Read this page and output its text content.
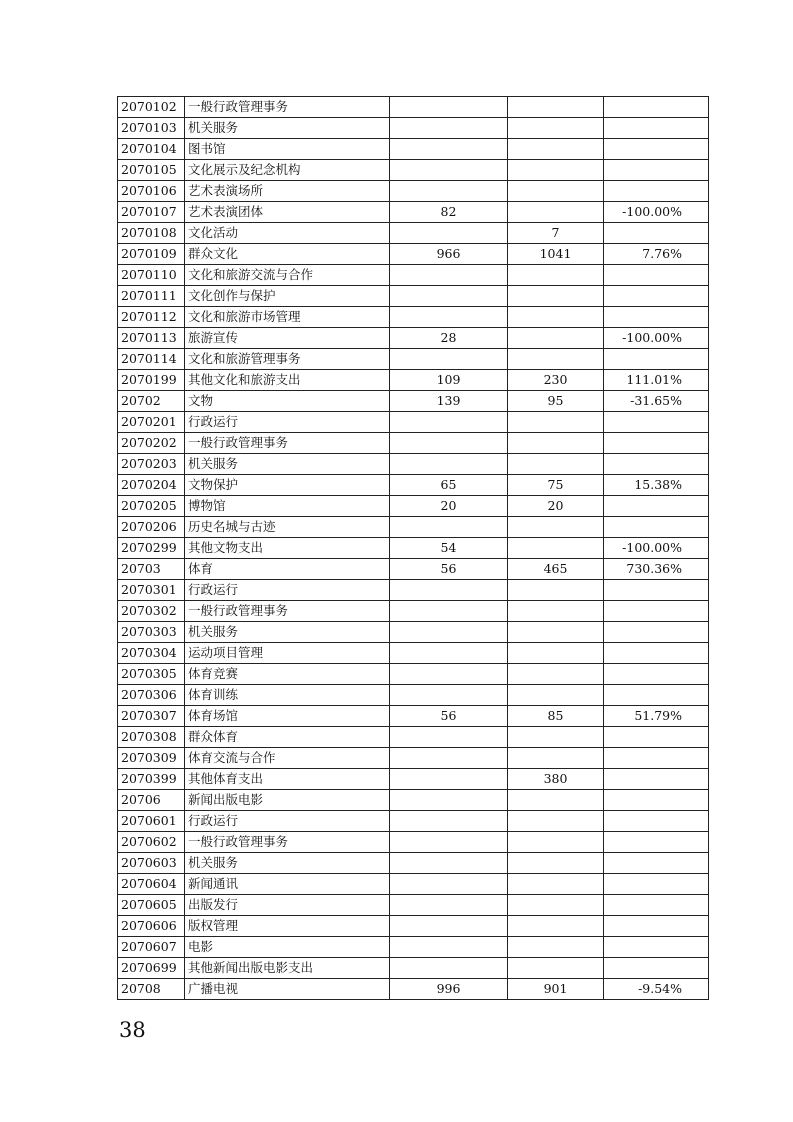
2070102	一般行政管理事务			
2070103	机关服务			
2070104	图书馆			
2070105	文化展示及纪念机构			
2070106	艺术表演场所			
2070107	艺术表演团体	82		-100.00%
2070108	文化活动		7	
2070109	群众文化	966	1041	7.76%
2070110	文化和旅游交流与合作			
2070111	文化创作与保护			
2070112	文化和旅游市场管理			
2070113	旅游宣传	28		-100.00%
2070114	文化和旅游管理事务			
2070199	其他文化和旅游支出	109	230	111.01%
20702	文物	139	95	-31.65%
2070201	行政运行			
2070202	一般行政管理事务			
2070203	机关服务			
2070204	文物保护	65	75	15.38%
2070205	博物馆	20	20	
2070206	历史名城与古迹			
2070299	其他文物支出	54		-100.00%
20703	体育	56	465	730.36%
2070301	行政运行			
2070302	一般行政管理事务			
2070303	机关服务			
2070304	运动项目管理			
2070305	体育竞赛			
2070306	体育训练			
2070307	体育场馆	56	85	51.79%
2070308	群众体育			
2070309	体育交流与合作			
2070399	其他体育支出		380	
20706	新闻出版电影			
2070601	行政运行			
2070602	一般行政管理事务			
2070603	机关服务			
2070604	新闻通讯			
2070605	出版发行			
2070606	版权管理			
2070607	电影			
2070699	其他新闻出版电影支出			
20708	广播电视	996	901	-9.54%
38
